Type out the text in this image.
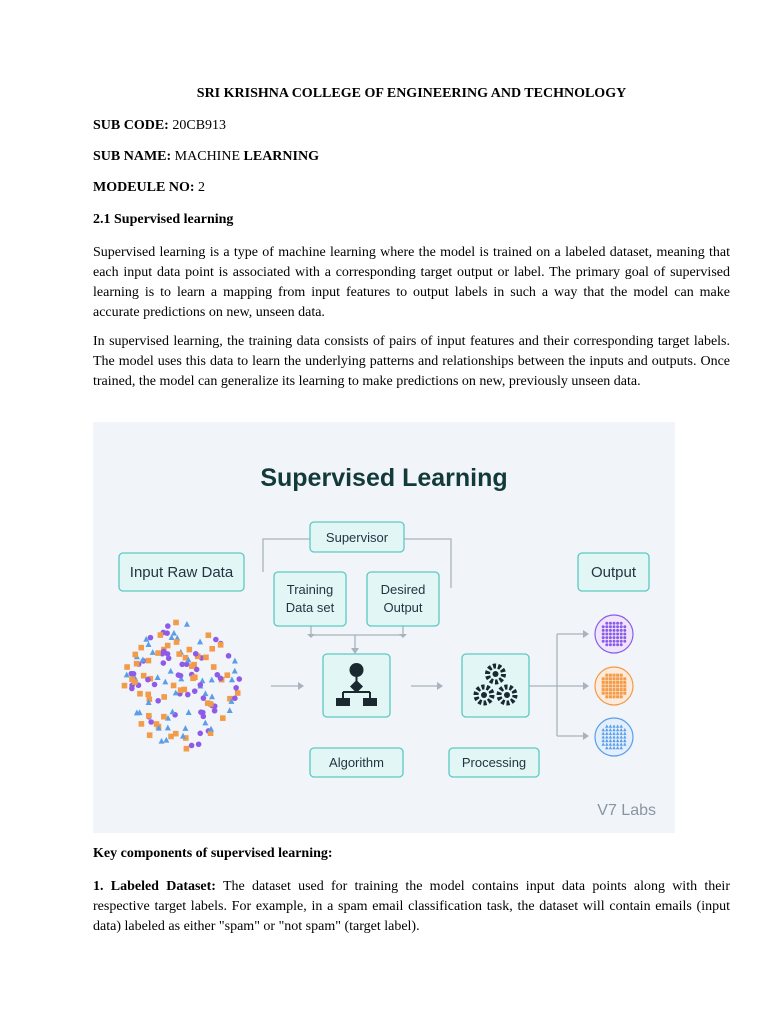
SRI KRISHNA COLLEGE OF ENGINEERING AND TECHNOLOGY
SUB CODE: 20CB913
SUB NAME: MACHINE LEARNING
MODEULE NO: 2
2.1 Supervised learning

Supervised learning is a type of machine learning where the model is trained on a labeled dataset, meaning that each input data point is associated with a corresponding target output or label. The primary goal of supervised learning is to learn a mapping from input features to output labels in such a way that the model can make accurate predictions on new, unseen data.

In supervised learning, the training data consists of pairs of input features and their corresponding target labels. The model uses this data to learn the underlying patterns and relationships between the inputs and outputs. Once trained, the model can generalize its learning to make predictions on new, previously unseen data.

Supervised Learning
Supervisor
Input Raw Data
Training
Data set
Desired
Output
Output
Algorithm	Processing
V7 Labs
Key components of supervised learning:

1. Labeled Dataset: The dataset used for training the model contains input data points along with their respective target labels. For example, in a spam email classification task, the dataset will contain emails (input data) labeled as either "spam" or "not spam" (target label).
